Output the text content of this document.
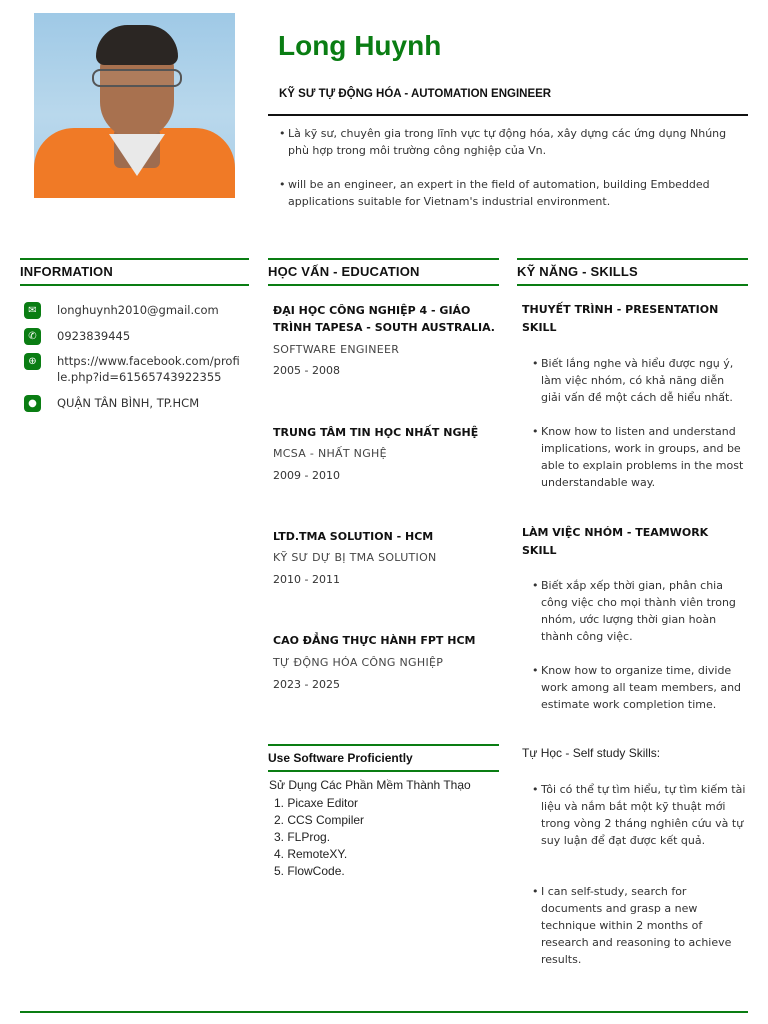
Long Huynh
KỸ SƯ TỰ ĐỘNG HÓA - AUTOMATION ENGINEER
• Là kỹ sư, chuyên gia trong lĩnh vực tự động hóa, xây dựng các ứng dụng Nhúng phù hợp trong môi trường công nghiệp của Vn.
• will be an engineer, an expert in the field of automation, building Embedded applications suitable for Vietnam's industrial environment.
INFORMATION	HỌC VẤN - EDUCATION	KỸ NĂNG - SKILLS
✉	longhuynh2010@gmail.com
✆	0923839445
⊕	https://www.facebook.com/profile.php?id=61565743922355
●	QUẬN TÂN BÌNH, TP.HCM
ĐẠI HỌC CÔNG NGHIỆP 4 - GIÁO TRÌNH TAPESA - SOUTH AUSTRALIA.
SOFTWARE ENGINEER
2005 - 2008
TRUNG TÂM TIN HỌC NHẤT NGHỆ
MCSA - NHẤT NGHỆ
2009 - 2010
LTD.TMA SOLUTION - HCM
KỸ SƯ DỰ BỊ TMA SOLUTION
2010 - 2011
CAO ĐẲNG THỰC HÀNH FPT HCM
TỰ ĐỘNG HÓA CÔNG NGHIỆP
2023 - 2025
Use Software Proficiently
Sử Dụng Các Phần Mềm Thành Thạo
1. Picaxe Editor
2. CCS Compiler
3. FLProg.
4. RemoteXY.
5. FlowCode.
THUYẾT TRÌNH - PRESENTATION SKILL
• Biết lắng nghe và hiểu được ngụ ý, làm việc nhóm, có khả năng diễn giải vấn đề một cách dễ hiểu nhất.
• Know how to listen and understand implications, work in groups, and be able to explain problems in the most understandable way.
LÀM VIỆC NHÓM - TEAMWORK SKILL
• Biết xắp xếp thời gian, phân chia công việc cho mọi thành viên trong nhóm, ước lượng thời gian hoàn thành công việc.
• Know how to organize time, divide work among all team members, and estimate work completion time.
Tự Học - Self study Skills:
• Tôi có thể tự tìm hiểu, tự tìm kiếm tài liệu và nắm bắt một kỹ thuật mới trong vòng 2 tháng nghiên cứu và tự suy luận để đạt được kết quả.
• I can self-study, search for documents and grasp a new technique within 2 months of research and reasoning to achieve results.
